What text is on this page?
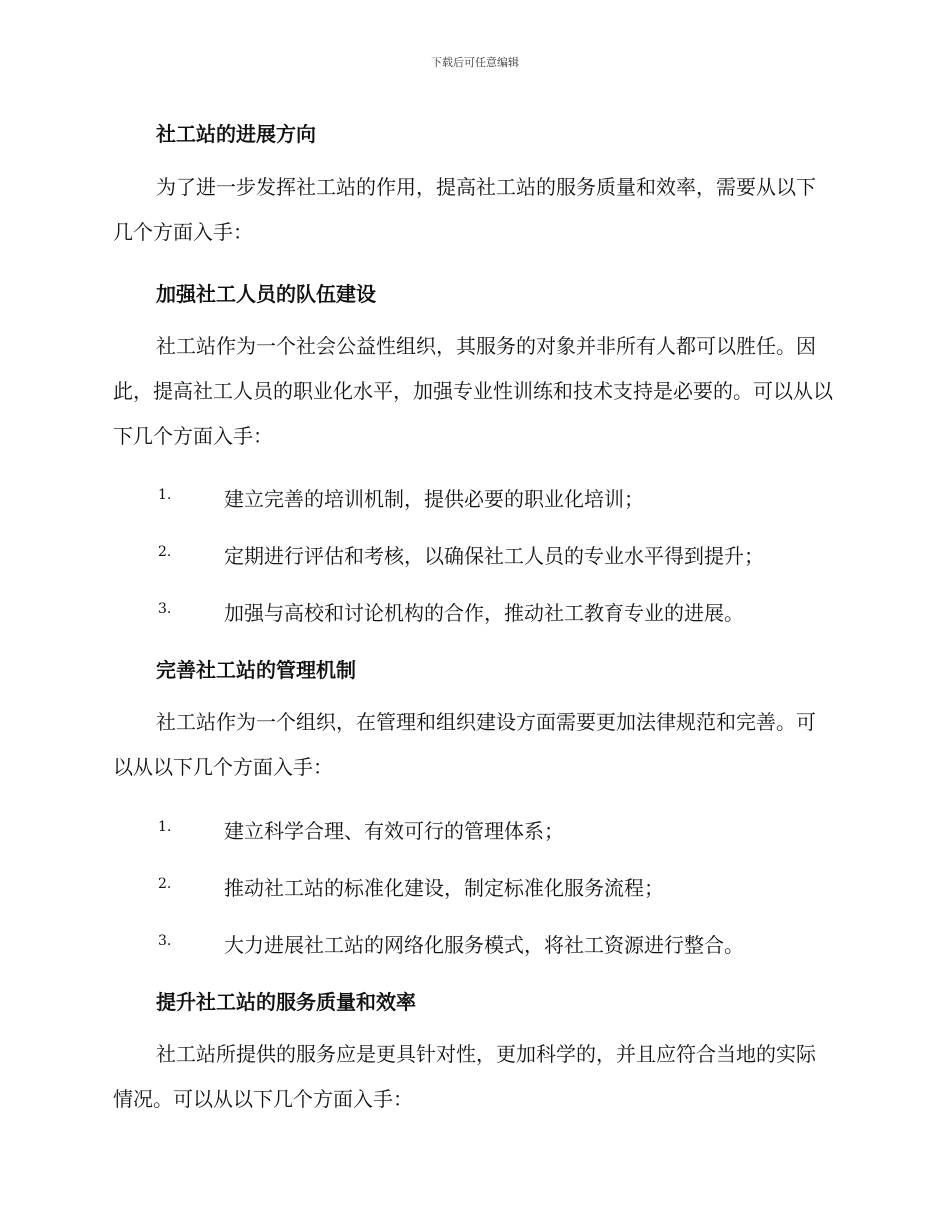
下载后可任意编辑
社工站的进展方向
为了进一步发挥社工站的作用，提高社工站的服务质量和效率，需要从以下几个方面入手：
加强社工人员的队伍建设
社工站作为一个社会公益性组织，其服务的对象并非所有人都可以胜任。因此，提高社工人员的职业化水平，加强专业性训练和技术支持是必要的。可以从以下几个方面入手：
1.	建立完善的培训机制，提供必要的职业化培训；
2.	定期进行评估和考核，以确保社工人员的专业水平得到提升；
3.	加强与高校和讨论机构的合作，推动社工教育专业的进展。
完善社工站的管理机制
社工站作为一个组织，在管理和组织建设方面需要更加法律规范和完善。可以从以下几个方面入手：
1.	建立科学合理、有效可行的管理体系；
2.	推动社工站的标准化建设，制定标准化服务流程；
3.	大力进展社工站的网络化服务模式，将社工资源进行整合。
提升社工站的服务质量和效率
社工站所提供的服务应是更具针对性，更加科学的，并且应符合当地的实际情况。可以从以下几个方面入手：
